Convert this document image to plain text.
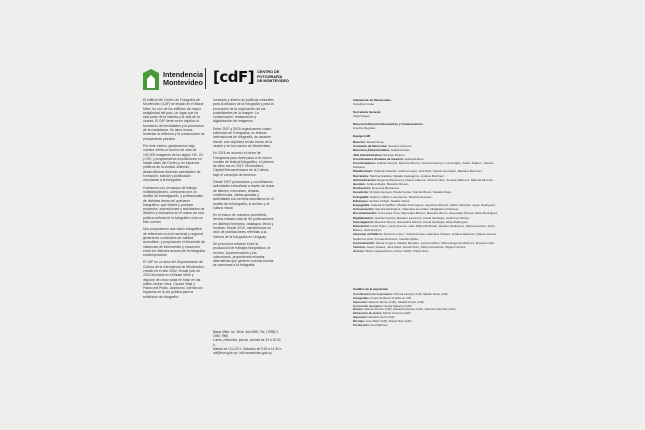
Intendencia
Montevideo [cdF] CENTRO DE
FOTOGRAFÍA
DE MONTEVIDEO

El edificio del Centro de Fotografía de Montevideo (CdF) se instaló en el Bazar Mitre, en uno de los edificios de mayor antigüedad del país, un lugar que ha sido parte de la historia y la vida de la ciudad. El CdF tiene como objetivo la formación de identidades y la promoción de la ciudadanía. Su labor busca fomentar la reflexión y la construcción de perspectivas plurales.

Por este motivo, gestionamos bajo nuestra órbita un acervo de más de 100.000 imágenes de los siglos XIX, XX y XXI, y programamos exposiciones en varias salas del Centro y en espacios públicos de la ciudad. Además, desarrollamos diversas actividades de formación, edición y publicación vinculadas a la fotografía.

Contamos con un equipo de trabajo multidisciplinario, compuesto por un ámbito de investigación, y profesionales de distintas áreas del quehacer fotográfico, que diseña y produce proyectos, exposiciones y actividades de difusión y educación en el marco de una política cultural de la fotografía como un bien común.

Nos proponemos una visión fotográfica de referencia a nivel nacional y regional, generando contenidos de calidad, accesibles, y propiciando el desarrollo de instancias de intercambio y encuentro entre los distintos actores de la fotografía contemporánea.

El CdF es un área del Departamento de Cultura de la Intendencia de Montevideo, creado en el año 2002. Desde julio de 2015 funciona en el Bazar Mitre y dispone de cinco salas en total: en las calles Jacinto Vera, Ciudad Vieja y Paseo del Prado. Asimismo, cuenta con espacios en la vía pública para la exhibición de fotografía.

concepto y diseño de políticas culturales para la difusión de la fotografía y para la promoción de la exploración de las posibilidades de la imagen. La conservación, restauración y digitalización de imágenes.

Entre 2007 y 2015 organizamos cuatro ediciones de Fotograma, un festival internacional de fotografía, de carácter bienal, con capítulos en las zonas de la ciudad y en los barrios de Montevideo.

En 2016 se anunció el cierre de Fotograma para darle paso a un nuevo modelo de festival fotográfico, el primero de ellos fue en 2017: Montevideo, Capital Iberoamericana de la Cultura, bajo el concepto de territorio.

Desde 2007 producimos y coordinamos actividades educativas a través de ciclos de talleres, concursos, charlas, conferencias, visitas guiadas y actividades con centros educativos en el ámbito de la fotografía, el archivo y la cultura visual.

En el marco de nuestros cometidos, hemos editado más de 60 publicaciones en distintos formatos, catálogos, libros y revistas. Desde 2013, mantenemos un ciclo de publicaciones referidas a la historia de la fotografía en Uruguay.

Se procura la relación entre la producción de trabajos fotográficos, el archivo, la preservación y las colecciones, proponiendo miradas alternativas que generen nuevas formas de acercarse a la fotografía.

Bazar Mitre: Av. 18 de Julio 885 / Tel. (+598) 2 1950 7960
Lunes, miércoles, jueves, viernes de 10 a 19.30 h.
Martes de 10 a 22 h. Sábados de 9.30 a 14.30 h.
cdf@imm.gub.uy / cdf.montevideo.gub.uy
Intendente de Montevideo
Carolina Cosse
Secretaria General
Olga Otegui
Directora División Información y Comunicación
Ana De Regules
Equipo CdF
Director: Daniel Sosa.
Asistente de Dirección: Susana Centeno.
Directora Administrativa: Gabriela Díaz.
Jefe Administrativo: Ernesto Biurrun.
Coordinadora Sistema de Gestión: Gabriela Belo.
Coordinadores: Gabriel García, Mauricio Bruno, Victoria Irazoqui, Lucía Nigro, Javier Suárez, Johana Santana.
Planificación: Patricia Castells, Andrea López, Luis Díaz, Daniel González, Mariana Martínez.
Secretaria: Martina Callaba, Natalia Castagnino, Andrea Martínez.
Administración: Eugenia Bentancur, Ileana Cabrera, Silvina Cairo, Andrea Martínez, Mariela Moreira.
Gestión: Johana Mejía, Mauricio Rivero.
Producción: Rossana Bentancor.
Curaduría: Victoria Irazoqui, Paola Farías, Camila Bruno, Natalia Vega.
Fotografía: Andrés Cribari, Luis Alonso, Ricardo Antúnez.
Ediciones: Andrés Cribari, Natalia Tanks.
Espografía: Claudia Schiaffino, Matías Domínguez, Agustina Oliveira, Martín Ricardo, Jorge Rodríguez.
Conservación: Sandra Rodríguez, Valentina González, Magdalena Pascual.
Documentación: Ana Laura Cirio, Mercedes Blanco, Mauricio Bruno, Alexandra Nitrova, Elisa Rodríguez.
Digitalización: Gabriel García, Mariana Laurenzo, Paola Santiago, Guillermo Núñez.
Investigación: Mauricio Bruno, Alexandra Nitrova, Paola Santiago, Elisa Rodríguez.
Educación: Lucía Nigro, Lucía Surena, Juan Pablo Machado, Ramiro Rodríguez, María Fuentes, Sofía Blanco, Abril Nozkyn.
Atención al Público: Sylvana Lopez, Ursula Acosta, Valentina Chávez, Andrea Martínez, Daniel Gómez, Guillermo Díaz, Fernando Pérez, Camila Ojeda.
Comunicación: Elena Frugoni, Natalia Montero, Leticia Núñez, María Eugenia Martínez, Ernesto Cola.
Técnica: Javier Suárez, Jack Martí, Daniel Ruiz, Pablo Arredondo, Miguel Cedrés.
Acervo: Silvio Campodónico, Karen Valdiz, Pablo Ruiz.
Créditos de la exposición
Coordinación de exposición: Victoria Irazoqui (CdF, Natalia Tanks (CdF)
Fotografías: Grupo de Banco Fotolia en CdF
Impresión: Mauricio Bruno (CdF), Natalia Ferraz (CdF)
Corrección de textos: Cecilia Maestre (CdF)
Diseño: Manuel Pombo (CdF), Eduardo Montes (CdF), Mauricio Sánchez (CdF)
Extracción de textos: Martín Campos (CdF)
Impresión: Eduardo Kerb (CdF)
Montaje: José Martí (CdF), Daniel Ruiz (CdF)
Producción: Ana Martínez
